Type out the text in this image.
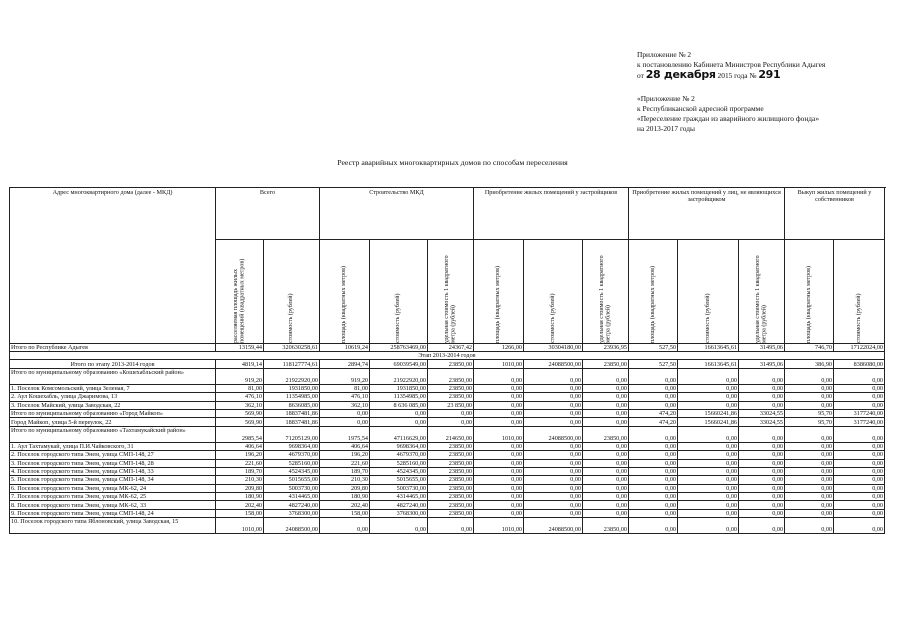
Приложение № 2
к постановлению Кабинета Министров Республики Адыгея
от 28 декабря 2015 года № 291
«Приложение № 2
к Республиканской адресной программе
«Переселение граждан из аварийного жилищного фонда»
на 2013-2017 годы
Реестр аварийных многоквартирных домов по способам переселения
Адрес многоквартирного дома (далее - МКД)	Всего		Строительство МКД			Приобретение жилых помещений у застройщиков			Приобретение жилых помещений у лиц, не являющихся застройщиком			Выкуп жилых помещений у собственников		

	расселяемая площадь жилых помещений (квадратных метров)	стоимость (рублей)	площадь (квадратных метров)	стоимость (рублей)	удельная стоимость 1 квадратного метра (рублей)	площадь (квадратных метров)	стоимость (рублей)	удельная стоимость 1 квадратного метра (рублей)	площадь (квадратных метров)	стоимость (рублей)	удельная стоимость 1 квадратного метра (рублей)	площадь (квадратных метров)	стоимость (рублей)

Итого по Республике Адыгея	13159,44	320630258,61	10619,24	258763469,00	24367,42	1266,00	30304180,00	23936,95	527,50	16613645,61	31495,06	746,70	17122024,00	
Этап 2013-2014 годов														
Итого по этапу 2013-2014 годов	4819,14	118127774,61	2894,74	69039549,00	23850,00	1010,00	24088500,00	23850,00	527,50	16613645,61	31495,06	386,90	8386080,00	
Итого по муниципальному образованию «Кошехабльский район»	919,20	21922920,00	919,20	21922920,00	23850,00	0,00	0,00	0,00	0,00	0,00	0,00	0,00	0,00	
1. Поселок Комсомольский, улица Зеленая, 7	81,00	1931850,00	81,00	1931850,00	23850,00	0,00	0,00	0,00	0,00	0,00	0,00	0,00	0,00	
2. Аул Кошехабль, улица Джаримова, 13	476,10	11354985,00	476,10	11354985,00	23850,00	0,00	0,00	0,00	0,00	0,00	0,00	0,00	0,00	
3. Поселок Майский, улица Заводская, 22	362,10	8636085,00	362,10	8 636 085,00	23 850,00	0,00	0,00	0,00	0,00	0,00	0,00	0,00	0,00	
Итого по муниципальному образованию «Город Майкоп»	569,90	18837481,86	0,00	0,00	0,00	0,00	0,00	0,00	474,20	15660241,86	33024,55	95,70	3177240,00	
Город Майкоп, улица 5-й переулок, 22	569,90	18837481,86	0,00	0,00	0,00	0,00	0,00	0,00	474,20	15660241,86	33024,55	95,70	3177240,00	
Итого по муниципальному образованию «Тахтамукайский район»	2985,54	71205129,00	1975,54	47116629,00	214650,00	1010,00	24088500,00	23850,00	0,00	0,00	0,00	0,00	0,00	
1. Аул Тахтамукай, улица П.И.Чайковского, 31	406,64	9698364,00	406,64	9698364,00	23850,00	0,00	0,00	0,00	0,00	0,00	0,00	0,00	0,00	
2. Поселок городского типа Энем, улица СМП-148, 27	196,20	4679370,00	196,20	4679370,00	23850,00	0,00	0,00	0,00	0,00	0,00	0,00	0,00	0,00	
3. Поселок городского типа Энем, улица СМП-148, 28	221,60	5285160,00	221,60	5285160,00	23850,00	0,00	0,00	0,00	0,00	0,00	0,00	0,00	0,00	
4. Поселок городского типа Энем, улица СМП-148, 33	189,70	4524345,00	189,70	4524345,00	23850,00	0,00	0,00	0,00	0,00	0,00	0,00	0,00	0,00	
5. Поселок городского типа Энем, улица СМП-148, 34	210,30	5015655,00	210,30	5015655,00	23850,00	0,00	0,00	0,00	0,00	0,00	0,00	0,00	0,00	
6. Поселок городского типа Энем, улица МК-62, 24	209,80	5003730,00	209,80	5003730,00	23850,00	0,00	0,00	0,00	0,00	0,00	0,00	0,00	0,00	
7. Поселок городского типа Энем, улица МК-62, 25	180,90	4314465,00	180,90	4314465,00	23850,00	0,00	0,00	0,00	0,00	0,00	0,00	0,00	0,00	
8. Поселок городского типа Энем, улица МК-62, 33	202,40	4827240,00	202,40	4827240,00	23850,00	0,00	0,00	0,00	0,00	0,00	0,00	0,00	0,00	
9. Поселок городского типа Энем, улица СМП-148, 24	158,00	3768300,00	158,00	3768300,00	23850,00	0,00	0,00	0,00	0,00	0,00	0,00	0,00	0,00	
10. Поселок городского типа Яблоновский, улица Заводская, 15	1010,00	24088500,00	0,00	0,00	0,00	1010,00	24088500,00	23850,00	0,00	0,00	0,00	0,00	0,00	
